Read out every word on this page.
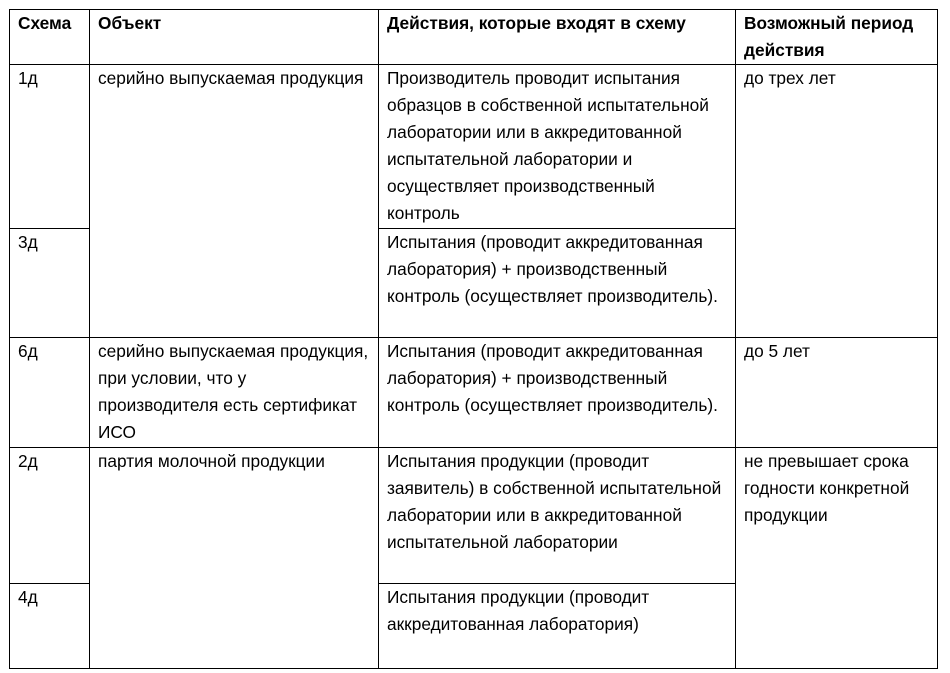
Схема	Объект	Действия, которые входят в схему	Возможный период действия
1д	серийно выпускаемая продукция	Производитель проводит испытания образцов в собственной испытательной лаборатории или в аккредитованной испытательной лаборатории и осуществляет производственный контроль	до трех лет
3д		Испытания (проводит аккредитованная лаборатория) + производственный контроль (осуществляет производитель).	
6д	серийно выпускаемая продукция, при условии, что у производителя есть сертификат ИСО	Испытания (проводит аккредитованная лаборатория) + производственный контроль (осуществляет производитель).	до 5 лет
2д	партия молочной продукции	Испытания продукции (проводит заявитель) в собственной испытательной лаборатории или в аккредитованной испытательной лаборатории	не превышает срока годности конкретной продукции
4д		Испытания продукции (проводит аккредитованная лаборатория)	
